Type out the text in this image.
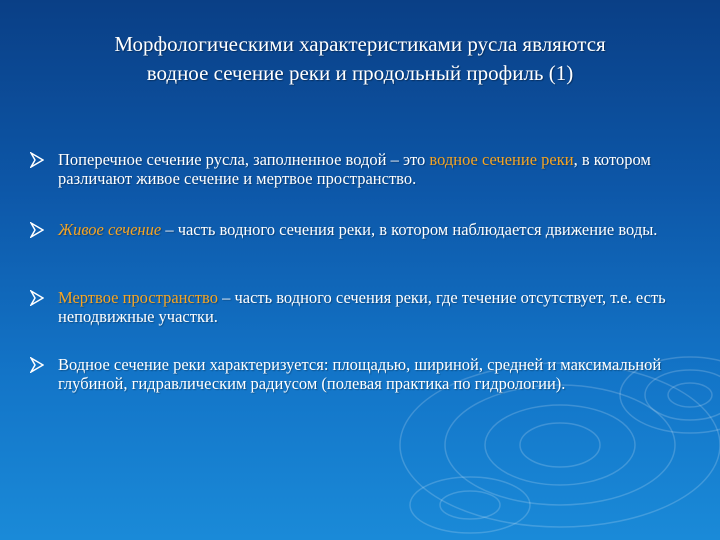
Морфологическими характеристиками русла являются
водное сечение реки и продольный профиль (1)
Поперечное сечение русла, заполненное водой – это водное сечение реки, в котором различают живое сечение и мертвое пространство.
Живое сечение – часть водного сечения реки, в котором наблюдается движение воды.
Мертвое пространство – часть водного сечения реки, где течение отсутствует, т.е. есть неподвижные участки.
Водное сечение реки характеризуется: площадью, шириной, средней и максимальной глубиной, гидравлическим радиусом (полевая практика по гидрологии).
